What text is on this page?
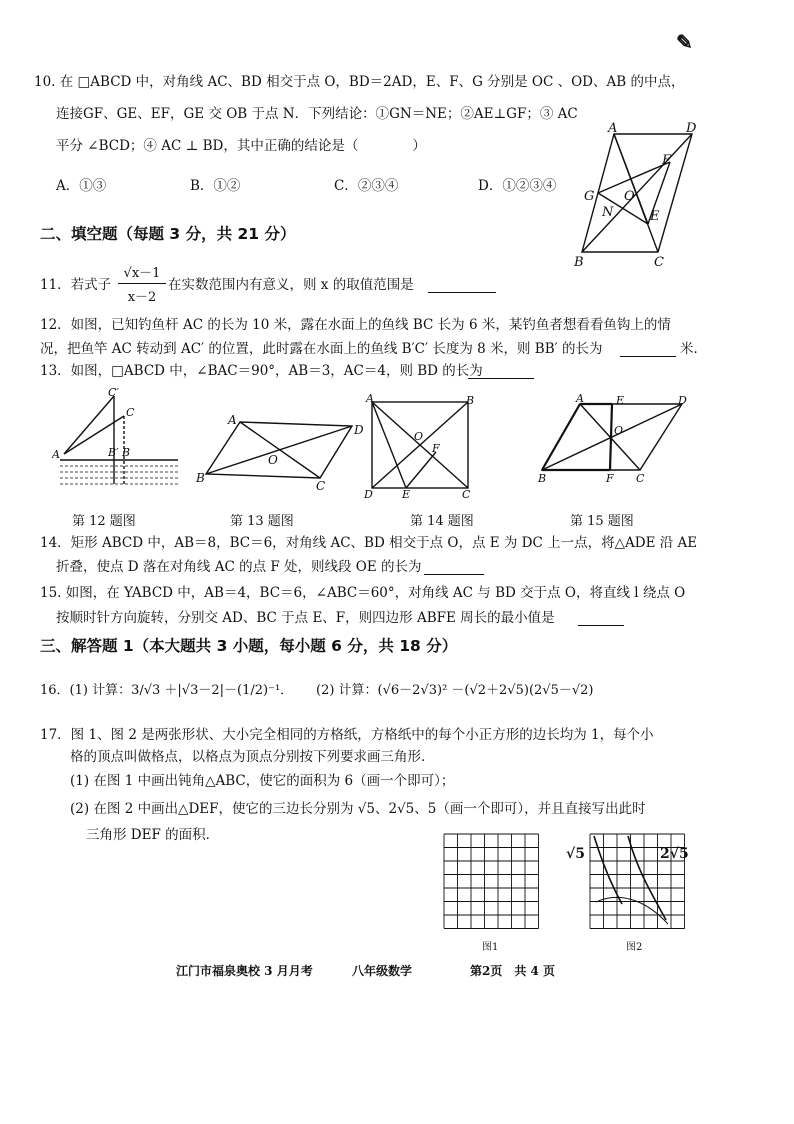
✎
10. 在 □ABCD 中，对角线 AC、BD 相交于点 O，BD＝2AD，E、F、G 分别是 OC 、OD、AB 的中点，
连接GF、GE、EF，GE 交 OB 于点 N．下列结论：①GN＝NE；②AE⊥GF；③ AC
平分 ∠BCD；④ AC ⊥ BD，其中正确的结论是（　　　　）
A．①③	B．①②	C．②③④	D．①②③④
A	D
B	C
G
F
O
E
N
二、填空题（每题 3 分，共 21 分）
11．若式子 $\frac{√x-1}{x-2}$ 在实数范围内有意义，则 x 的取值范围是
12．如图，已知钓鱼杆 AC 的长为 10 米，露在水面上的鱼线 BC 长为 6 米，某钓鱼者想看看鱼钩上的情
况，把鱼竿 AC 转动到 AC′ 的位置，此时露在水面上的鱼线 B′C′ 长度为 8 米，则 BB′ 的长为	米．
13．如图，□ABCD 中，∠BAC＝90°，AB＝3，AC＝4，则 BD 的长为
C′
C
A	B′ B
第 12 题图
A
D
B
C
O
第 13 题图
A	B
D	E	C
O
F
第 14 题图
A	E	D
B	F C
O
第 15 题图
14．矩形 ABCD 中，AB＝8，BC＝6，对角线 AC、BD 相交于点 O，点 E 为 DC 上一点，将△ADE 沿 AE
折叠，使点 D 落在对角线 AC 的点 F 处，则线段 OE 的长为
15. 如图，在 YABCD 中，AB＝4，BC＝6，∠ABC＝60°，对角线 AC 与 BD 交于点 O，将直线 l 绕点 O
按顺时针方向旋转，分别交 AD、BC 于点 E、F，则四边形 ABFE 周长的最小值是
三、解答题 1（本大题共 3 小题，每小题 6 分，共 18 分）
16．(1) 计算：3/√3 ＋|√3－2|－(1/2)⁻¹． (2) 计算：(√6－2√3)² －(√2＋2√5)(2√5－√2)
17．图 1、图 2 是两张形状、大小完全相同的方格纸，方格纸中的每个小正方形的边长均为 1，每个小
格的顶点叫做格点，以格点为顶点分别按下列要求画三角形．
(1) 在图 1 中画出钝角△ABC，使它的面积为 6（画一个即可）；
(2) 在图 2 中画出△DEF，使它的三边长分别为 √5、2√5、5（画一个即可），并且直接写出此时
三角形 DEF 的面积．
图1	图2
√5	2√5
江门市福泉奥校 3 月月考	八年级数学	第2页　共 4 页
